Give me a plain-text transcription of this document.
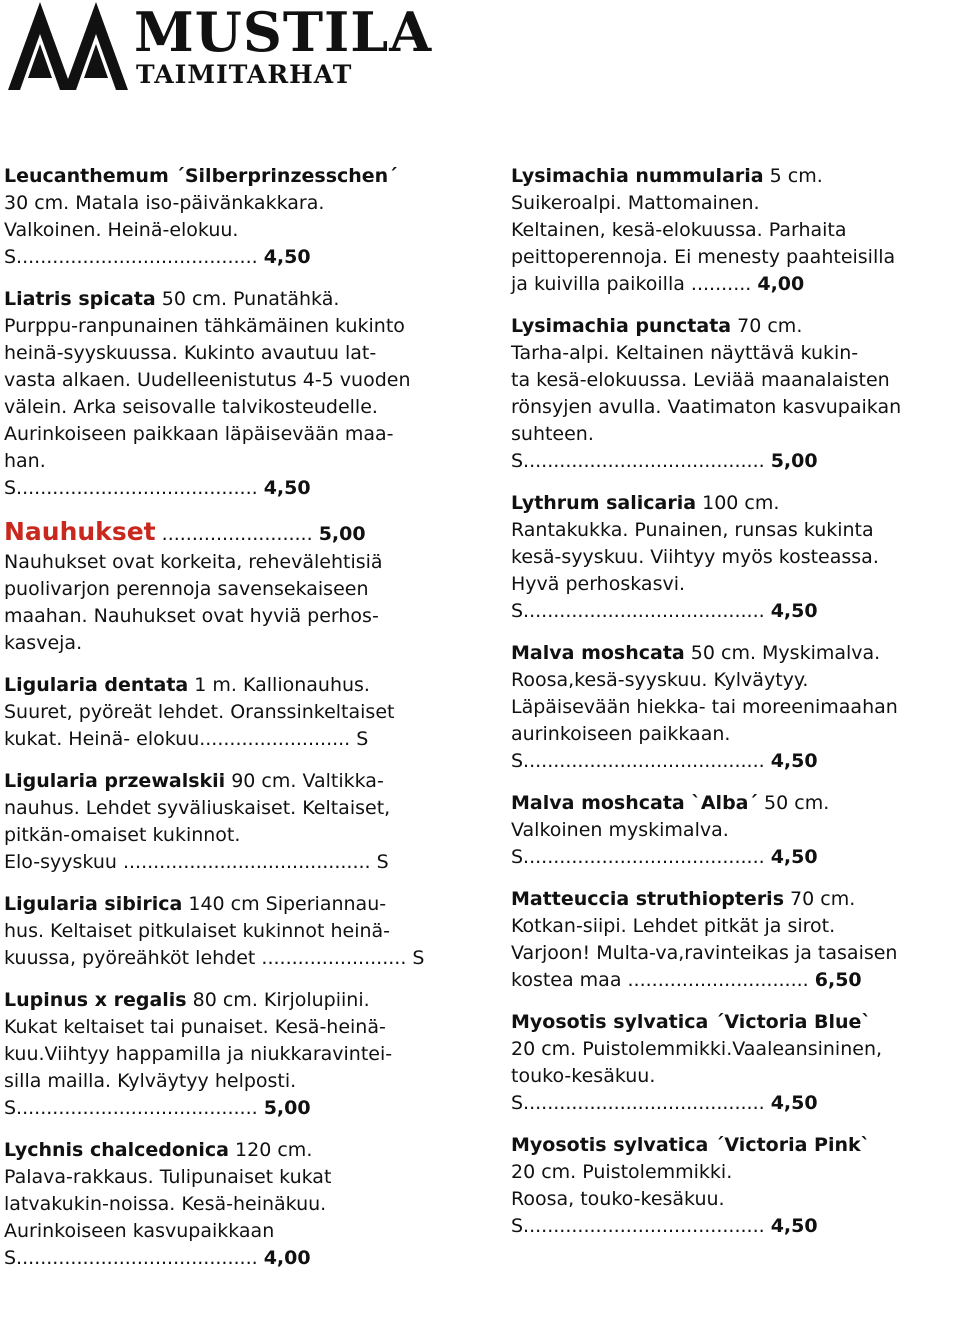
MUSTILA
TAIMITARHAT

Leucanthemum ´Silberprinzesschen´

30 cm. Matala iso-päivänkakkara.
Valkoinen. Heinä-elokuu.

S........................................ 4,50

Liatris spicata 50 cm. Punatähkä.

Purppu-ranpunainen tähkämäinen kukinto
heinä-syyskuussa. Kukinto avautuu lat-
vasta alkaen. Uudelleenistutus 4-5 vuoden
välein. Arka seisovalle talvikosteudelle.
Aurinkoiseen paikkaan läpäisevään maa-
han.

S........................................ 4,50

Nauhukset ......................... 5,00

Nauhukset ovat korkeita, rehevälehtisiä
puolivarjon perennoja savensekaiseen
maahan. Nauhukset ovat hyviä perhos-
kasveja.

Ligularia dentata 1 m. Kallionauhus.

Suuret, pyöreät lehdet. Oranssinkeltaiset
kukat. Heinä- elokuu......................... S

Ligularia przewalskii 90 cm. Valtikka-

nauhus. Lehdet syväliuskaiset. Keltaiset,
pitkän-omaiset kukinnot.
Elo-syyskuu ......................................... S

Ligularia sibirica 140 cm Siperiannau-

hus. Keltaiset pitkulaiset kukinnot heinä-
kuussa, pyöreähköt lehdet ........................ S

Lupinus x regalis 80 cm. Kirjolupiini.

Kukat keltaiset tai punaiset. Kesä-heinä-
kuu.Viihtyy happamilla ja niukkaravintei-
silla mailla. Kylväytyy helposti.

S........................................ 5,00

Lychnis chalcedonica 120 cm.

Palava-rakkaus. Tulipunaiset kukat
latvakukin-noissa. Kesä-heinäkuu.
Aurinkoiseen kasvupaikkaan

S........................................ 4,00

Lysimachia nummularia 5 cm.

Suikeroalpi. Mattomainen.
Keltainen, kesä-elokuussa. Parhaita
peittoperennoja. Ei menesty paahteisilla
ja kuivilla paikoilla .......... 4,00

Lysimachia punctata 70 cm.

Tarha-alpi. Keltainen näyttävä kukin-
ta kesä-elokuussa. Leviää maanalaisten
rönsyjen avulla. Vaatimaton kasvupaikan
suhteen.

S........................................ 5,00

Lythrum salicaria 100 cm.

Rantakukka. Punainen, runsas kukinta
kesä-syyskuu. Viihtyy myös kosteassa.
Hyvä perhoskasvi.

S........................................ 4,50

Malva moshcata 50 cm. Myskimalva.

Roosa,kesä-syyskuu. Kylväytyy.
Läpäisevään hiekka- tai moreenimaahan
aurinkoiseen paikkaan.

S........................................ 4,50

Malva moshcata `Alba´ 50 cm.

Valkoinen myskimalva.

S........................................ 4,50

Matteuccia struthiopteris 70 cm.

Kotkan-siipi. Lehdet pitkät ja sirot.
Varjoon! Multa-va,ravinteikas ja tasaisen
kostea maa .............................. 6,50

Myosotis sylvatica ´Victoria Blue`

20 cm. Puistolemmikki.Vaaleansininen,
touko-kesäkuu.

S........................................ 4,50

Myosotis sylvatica ´Victoria Pink`

20 cm. Puistolemmikki.
Roosa, touko-kesäkuu.

S........................................ 4,50
